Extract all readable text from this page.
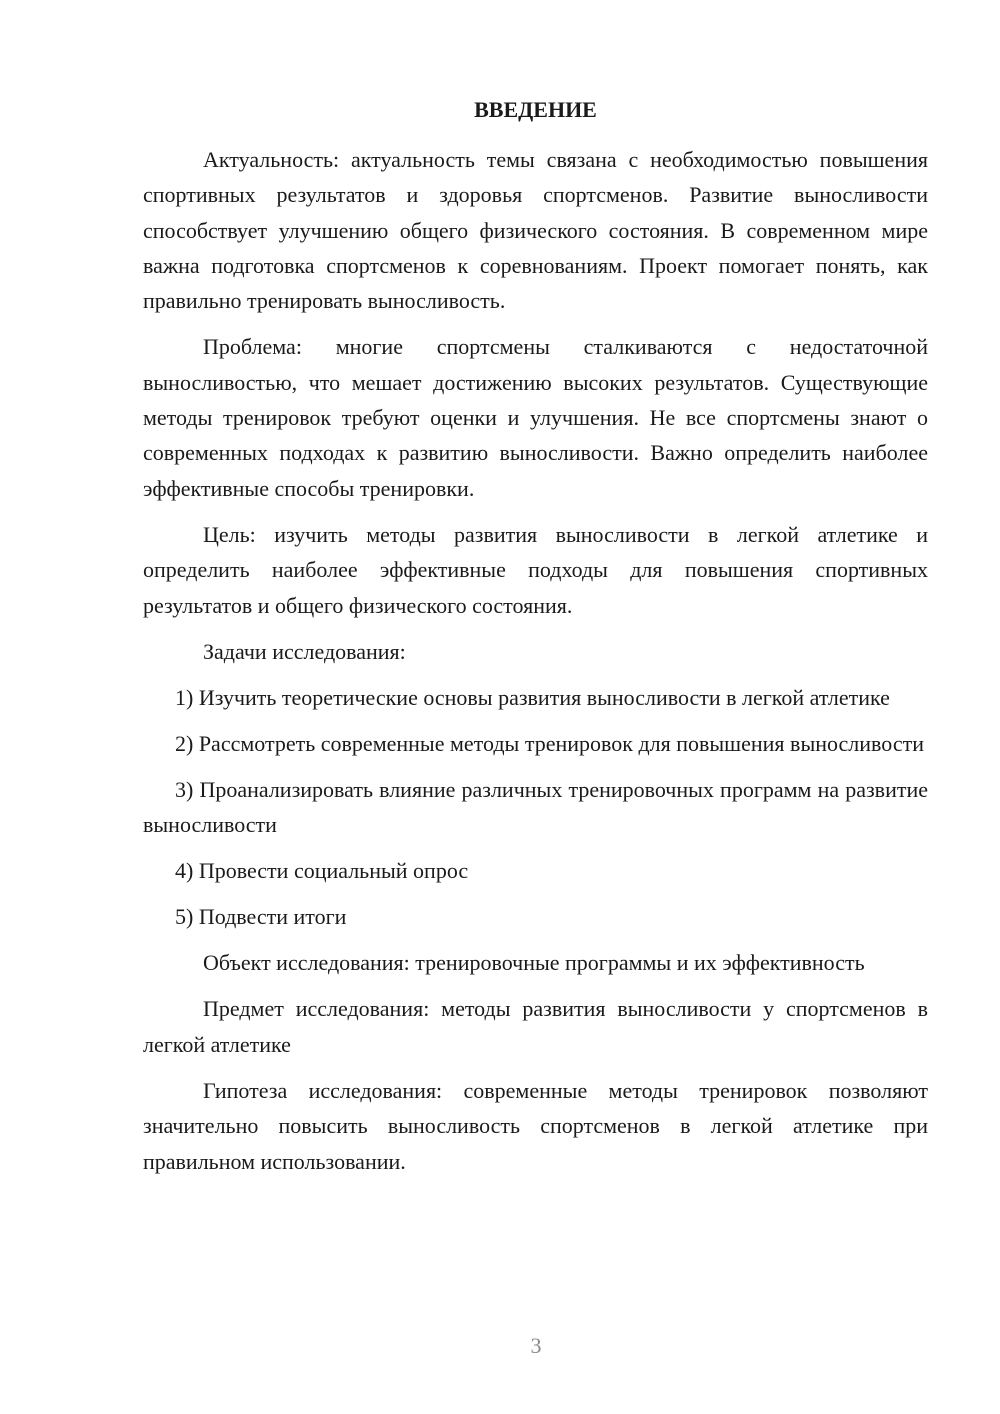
ВВЕДЕНИЕ

Актуальность: актуальность темы связана с необходимостью повышения спортивных результатов и здоровья спортсменов. Развитие выносливости способствует улучшению общего физического состояния. В современном мире важна подготовка спортсменов к соревнованиям. Проект помогает понять, как правильно тренировать выносливость.

Проблема: многие спортсмены сталкиваются с недостаточной выносливостью, что мешает достижению высоких результатов. Существующие методы тренировок требуют оценки и улучшения. Не все спортсмены знают о современных подходах к развитию выносливости. Важно определить наиболее эффективные способы тренировки.

Цель: изучить методы развития выносливости в легкой атлетике и определить наиболее эффективные подходы для повышения спортивных результатов и общего физического состояния.

Задачи исследования:

1) Изучить теоретические основы развития выносливости в легкой атлетике

2) Рассмотреть современные методы тренировок для повышения выносливости

3) Проанализировать влияние различных тренировочных программ на развитие выносливости

4) Провести социальный опрос

5) Подвести итоги

Объект исследования: тренировочные программы и их эффективность

Предмет исследования: методы развития выносливости у спортсменов в легкой атлетике

Гипотеза исследования: современные методы тренировок позволяют значительно повысить выносливость спортсменов в легкой атлетике при правильном использовании.

3
